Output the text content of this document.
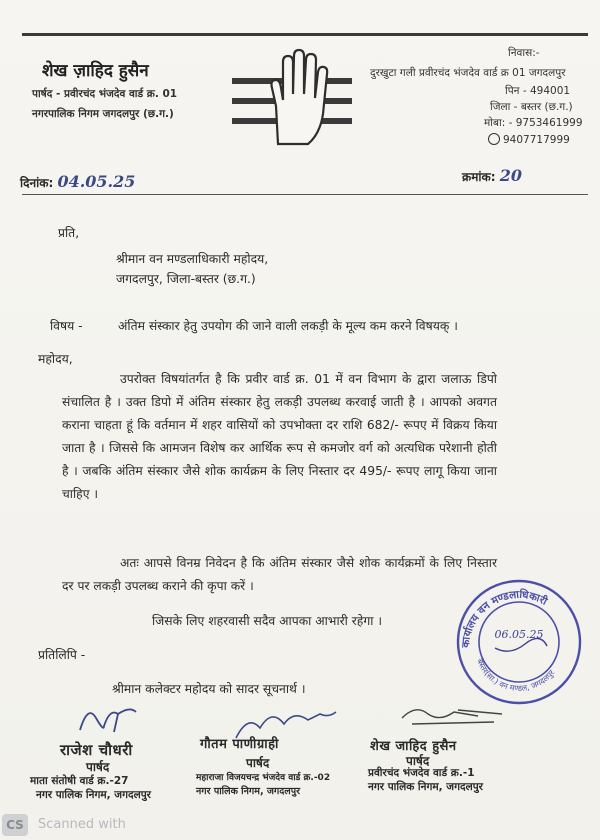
शेख ज़ाहिद हुसैन
पार्षद - प्रवीरचंद भंजदेव वार्ड क्र. 01
नगरपालिक निगम जगदलपुर (छ.ग.)
निवास:-
दुरखुटा गली प्रवीरचंद भंजदेव वार्ड क्र 01 जगदलपुर
पिन - 494001
जिला - बस्तर (छ.ग.)
मोबा: - 9753461999
9407717999
दिनांक: 04.05.25	क्रमांक: 20
प्रति,
श्रीमान वन मण्डलाधिकारी महोदय,
जगदलपुर, जिला-बस्तर (छ.ग.)
विषय -	अंतिम संस्कार हेतु उपयोग की जाने वाली लकड़ी के मूल्य कम करने विषयक् ।
महोदय,
उपरोक्त विषयांतर्गत है कि प्रवीर वार्ड क्र. 01 में वन विभाग के द्वारा जलाऊ डिपो संचालित है । उक्त डिपो में अंतिम संस्कार हेतु लकड़ी उपलब्ध करवाई जाती है । आपको अवगत कराना चाहता हूं कि वर्तमान में शहर वासियों को उपभोक्ता दर राशि 682/- रूपए में विक्रय किया जाता है । जिससे कि आमजन विशेष कर आर्थिक रूप से कमजोर वर्ग को अत्यधिक परेशानी होती है । जबकि अंतिम संस्कार जैसे शोक कार्यक्रम के लिए निस्तार दर 495/- रूपए लागू किया जाना चाहिए ।
अतः आपसे विनम्र निवेदन है कि अंतिम संस्कार जैसे शोक कार्यक्रमों के लिए निस्तार दर पर लकड़ी उपलब्ध कराने की कृपा करें ।
जिसके लिए शहरवासी सदैव आपका आभारी रहेगा ।
प्रतिलिपि -
श्रीमान कलेक्टर महोदय को सादर सूचनार्थ ।
कार्यालय वन मण्डलाधिकारी
बस्तर(सा.) वन मण्डल, जगदलपुर
06.05.25
राजेश चौधरी
पार्षद
माता संतोषी वार्ड क्र.-27
नगर पालिक निगम, जगदलपुर
गौतम पाणीग्राही
पार्षद
महाराजा विजयचन्द्र भंजदेव वार्ड क्र.-02
नगर पालिक निगम, जगदलपुर
शेख जाहिद हुसैन
पार्षद
प्रवीरचंद भंजदेव वार्ड क्र.-1
नगर पालिक निगम, जगदलपुर
CS	Scanned with
